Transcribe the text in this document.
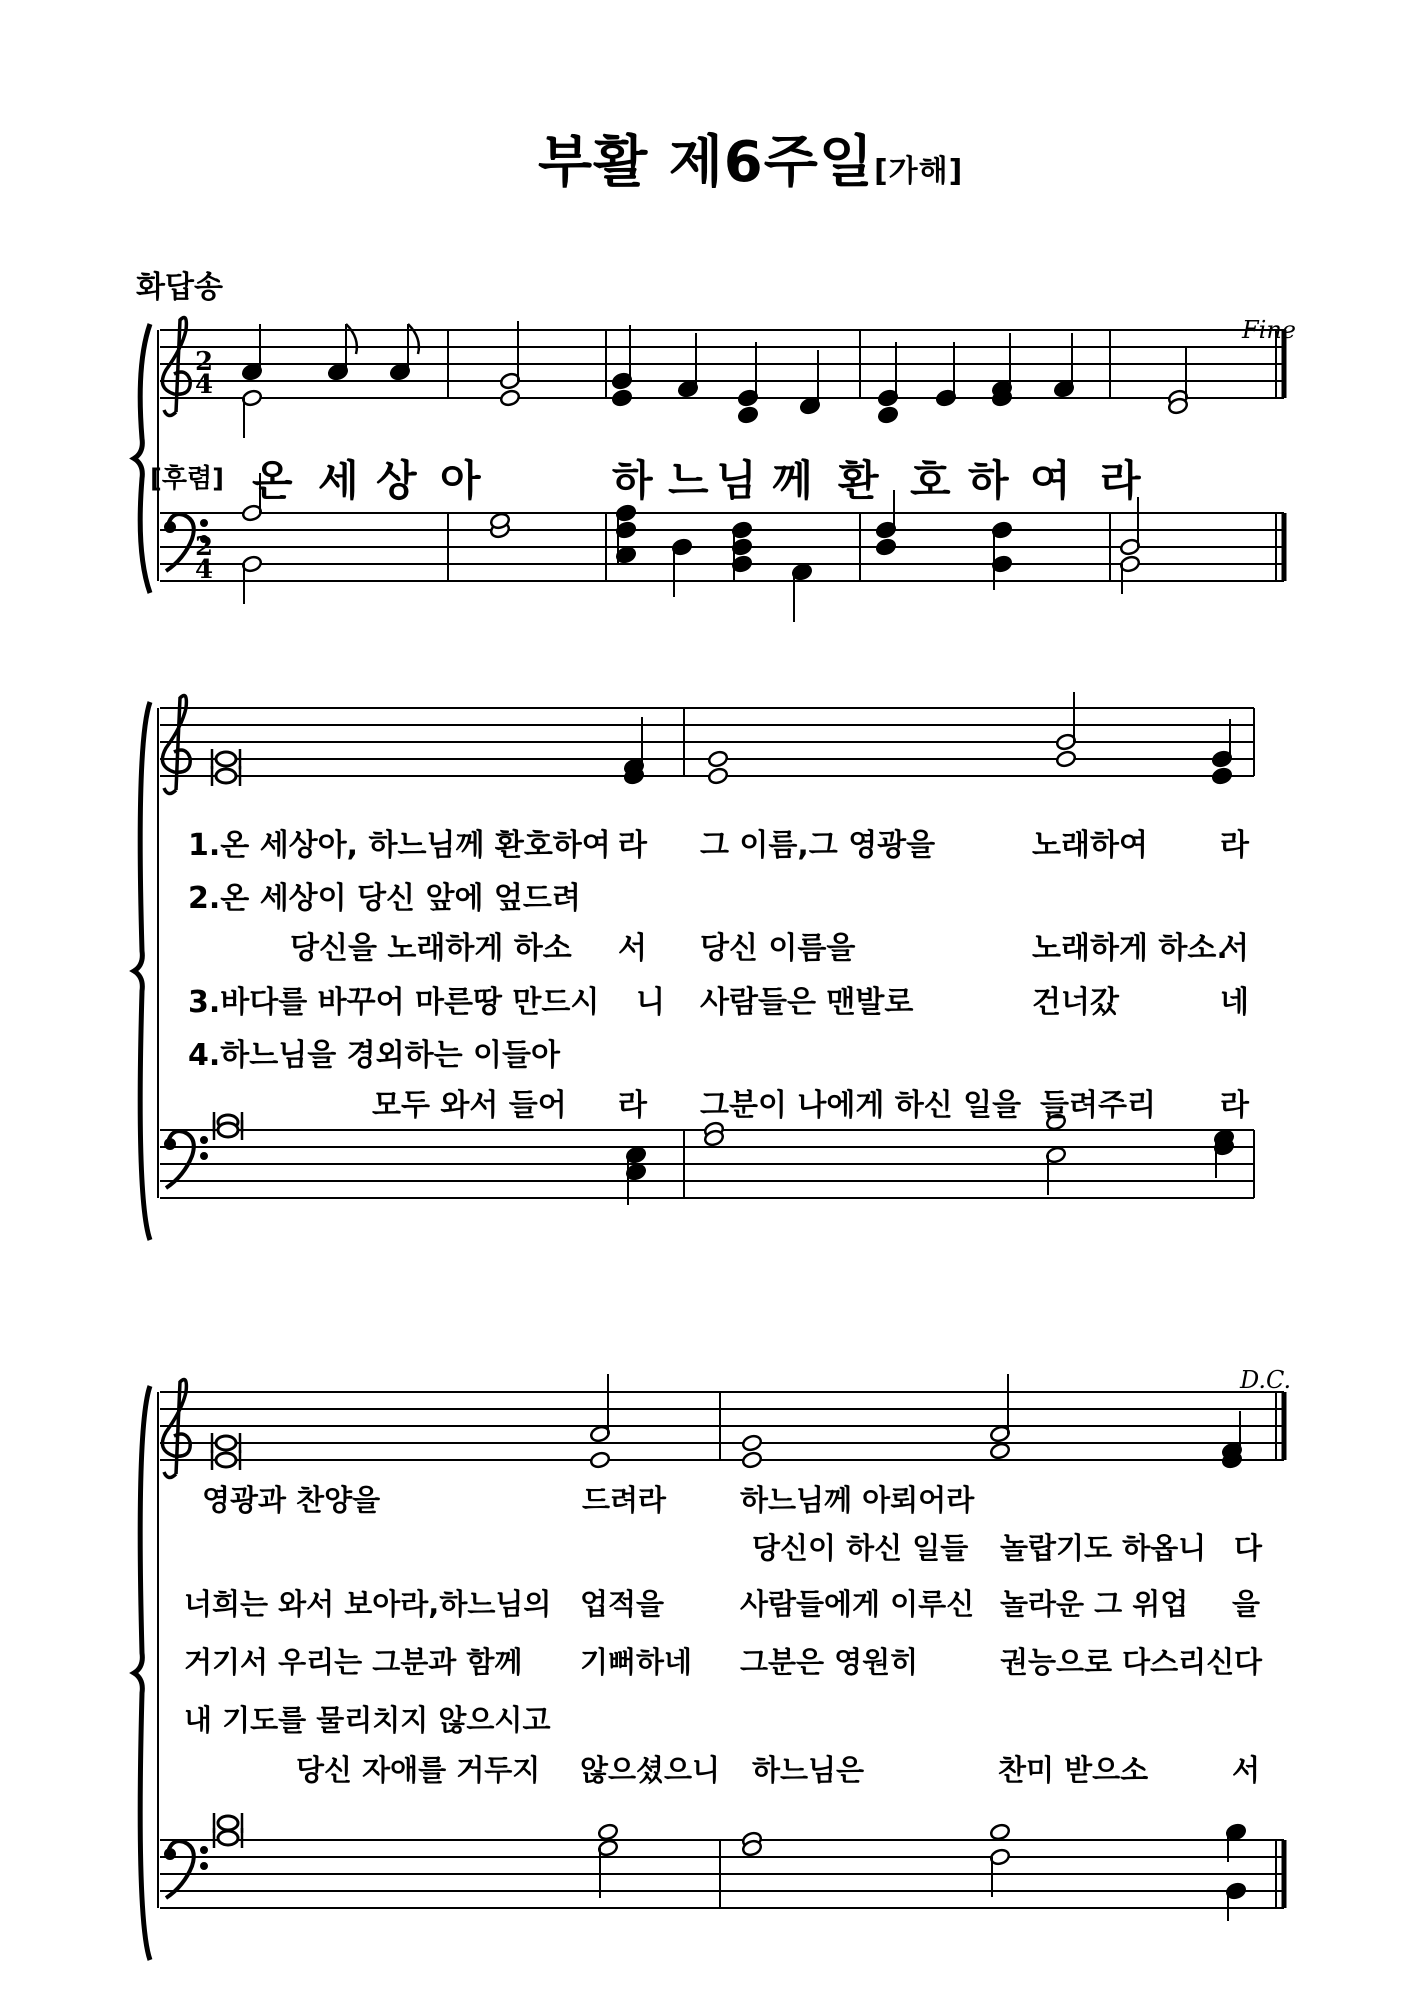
부활 제6주일[가해]
화답송
2
4
2
4
Fine
[후렴] 온 세 상 아	하 느 님 께 환 호 하 여 라
1.온 세상아, 하느님께 환호하여 라 그 이름,그 영광을	노래하여 라
2.온 세상이 당신 앞에 엎드려
당신을 노래하게 하소 서 당신 이름을	노래하게 하소.
서
3.바다를 바꾸어 마른땅 만드시 니 사람들은 맨발로	건너갔	네
4.하느님을 경외하는 이들아
모두 와서 들어 라 그분이 나에게 하신 일을 들려주리 라
D.C.
영광과 찬양을	드려라	하느님께 아뢰어라
당신이 하신 일들 놀랍기도 하옵니 다
너희는 와서 보아라,하느님의 업적을	사람들에게 이루신 놀라운 그 위업 을
거기서 우리는 그분과 함께 기뻐하네 그분은 영원히	권능으로 다스리신 다
내 기도를 물리치지 않으시고
당신 자애를 거두지 않으셨으니 하느님은	찬미 받으소	서
